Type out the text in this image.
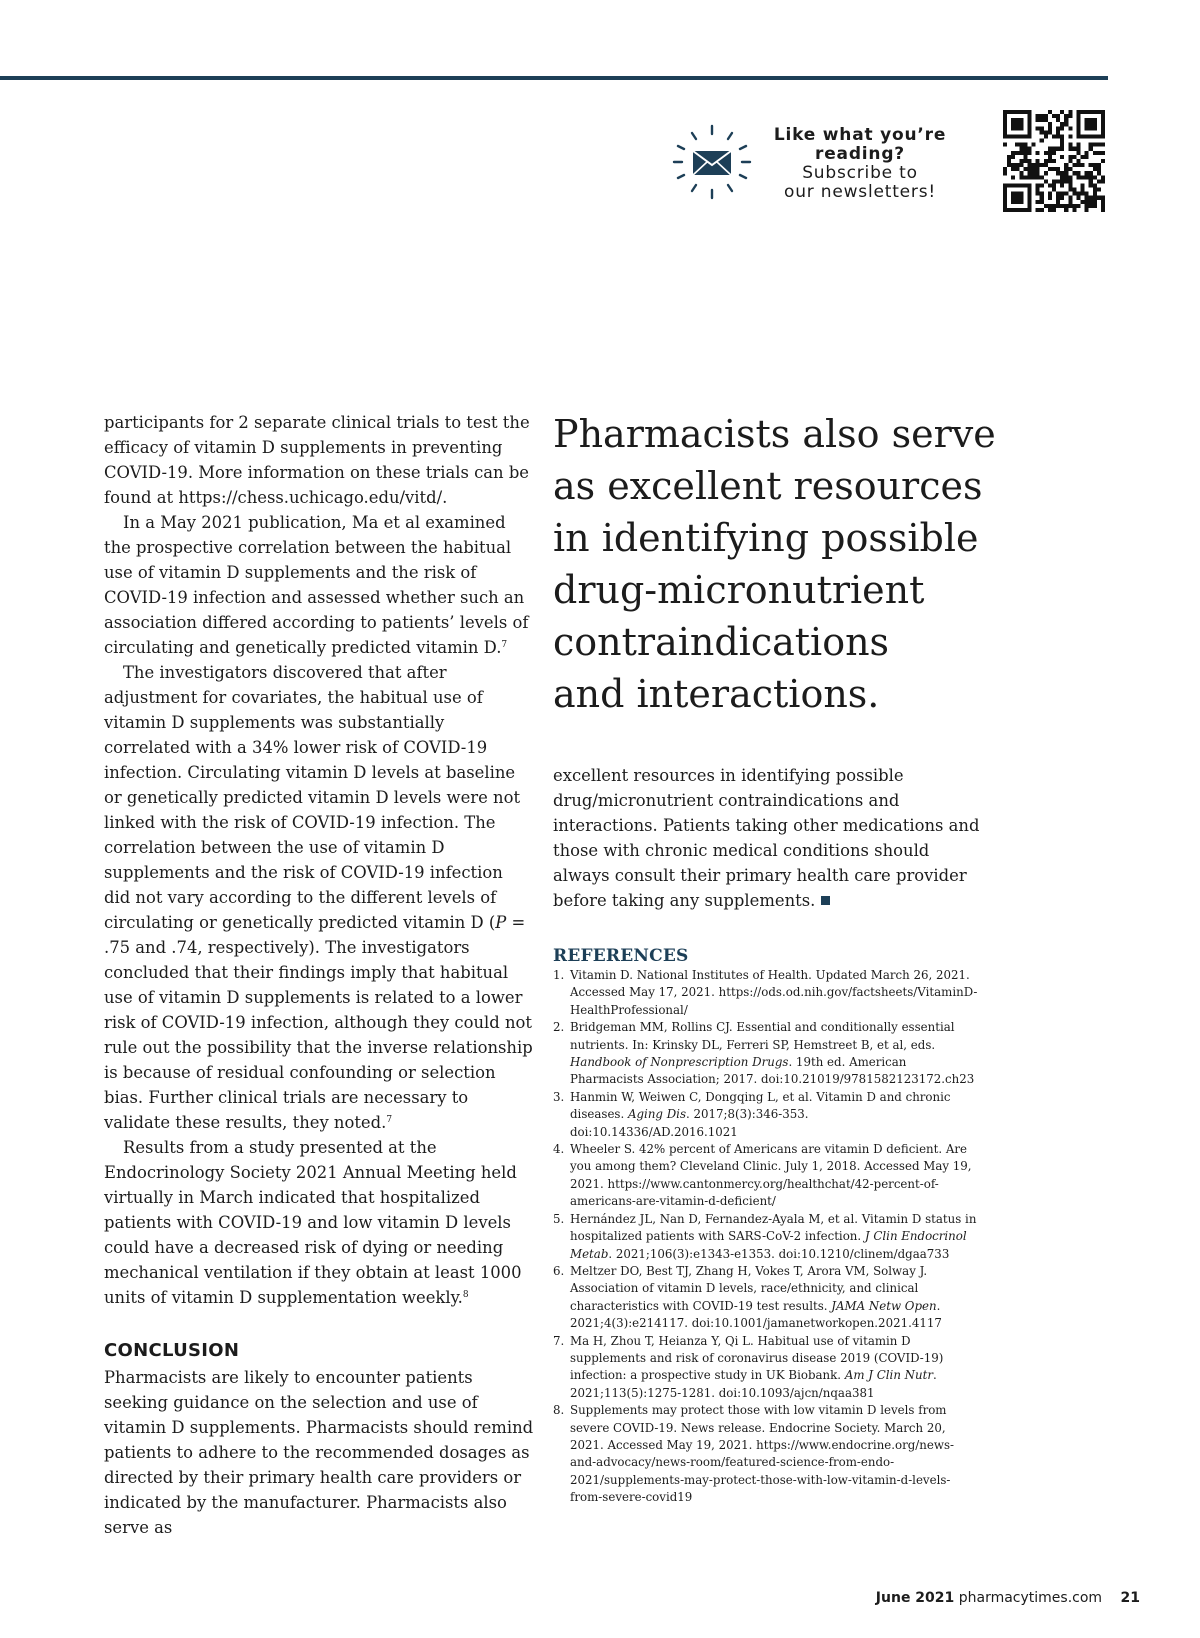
Like what you’re
reading?
Subscribe to
our newsletters!

participants for 2 separate clinical trials to test the efficacy of vitamin D supplements in preventing COVID-19. More information on these trials can be found at https://chess.uchicago.edu/vitd/.

In a May 2021 publication, Ma et al examined the prospective correlation between the habitual use of vitamin D supplements and the risk of COVID-19 infection and assessed whether such an association differed according to patients’ levels of circulating and genetically predicted vitamin D.$^7$

The investigators discovered that after adjustment for covariates, the habitual use of vitamin D supplements was substantially correlated with a 34% lower risk of COVID-19 infection. Circulating vitamin D levels at baseline or genetically predicted vitamin D levels were not linked with the risk of COVID-19 infection. The correlation between the use of vitamin D supplements and the risk of COVID-19 infection did not vary according to the different levels of circulating or genetically predicted vitamin D (P = .75 and .74, respectively). The investigators concluded that their findings imply that habitual use of vitamin D supplements is related to a lower risk of COVID-19 infection, although they could not rule out the possibility that the inverse relationship is because of residual confounding or selection bias. Further clinical trials are necessary to validate these results, they noted.$^7$

Results from a study presented at the Endocrinology Society 2021 Annual Meeting held virtually in March indicated that hospitalized patients with COVID-19 and low vitamin D levels could have a decreased risk of dying or needing mechanical ventilation if they obtain at least 1000 units of vitamin D supplementation weekly.$^8$

CONCLUSION

Pharmacists are likely to encounter patients seeking guidance on the selection and use of vitamin D supplements. Pharmacists should remind patients to adhere to the recommended dosages as directed by their primary health care providers or indicated by the manufacturer. Pharmacists also serve as

Pharmacists also serve
as excellent resources
in identifying possible
drug-micronutrient
contraindications
and interactions.

excellent resources in identifying possible drug/micronutrient contraindications and interactions. Patients taking other medications and those with chronic medical conditions should always consult their primary health care provider before taking any supplements.

REFERENCES
1. Vitamin D. National Institutes of Health. Updated March 26, 2021. Accessed May 17, 2021. https://ods.od.nih.gov/factsheets/VitaminD-HealthProfessional/
2. Bridgeman MM, Rollins CJ. Essential and conditionally essential nutrients. In: Krinsky DL, Ferreri SP, Hemstreet B, et al, eds. Handbook of Nonprescription Drugs. 19th ed. American Pharmacists Association; 2017. doi:10.21019/9781582123172.ch23
3. Hanmin W, Weiwen C, Dongqing L, et al. Vitamin D and chronic diseases. Aging Dis. 2017;8(3):346-353. doi:10.14336/AD.2016.1021
4. Wheeler S. 42% percent of Americans are vitamin D deficient. Are you among them? Cleveland Clinic. July 1, 2018. Accessed May 19, 2021. https://www.cantonmercy.org/healthchat/42-percent-of-americans-are-vitamin-d-deficient/
5. Hernández JL, Nan D, Fernandez-Ayala M, et al. Vitamin D status in hospitalized patients with SARS-CoV-2 infection. J Clin Endocrinol Metab. 2021;106(3):e1343-e1353. doi:10.1210/clinem/dgaa733
6. Meltzer DO, Best TJ, Zhang H, Vokes T, Arora VM, Solway J. Association of vitamin D levels, race/ethnicity, and clinical characteristics with COVID-19 test results. JAMA Netw Open. 2021;4(3):e214117. doi:10.1001/jamanetworkopen.2021.4117
7. Ma H, Zhou T, Heianza Y, Qi L. Habitual use of vitamin D supplements and risk of coronavirus disease 2019 (COVID-19) infection: a prospective study in UK Biobank. Am J Clin Nutr. 2021;113(5):1275-1281. doi:10.1093/ajcn/nqaa381
8. Supplements may protect those with low vitamin D levels from severe COVID-19. News release. Endocrine Society. March 20, 2021. Accessed May 19, 2021. https://www.endocrine.org/news-and-advocacy/news-room/featured-science-from-endo-2021/supplements-may-protect-those-with-low-vitamin-d-levels-from-severe-covid19
June 2021 pharmacytimes.com 21
